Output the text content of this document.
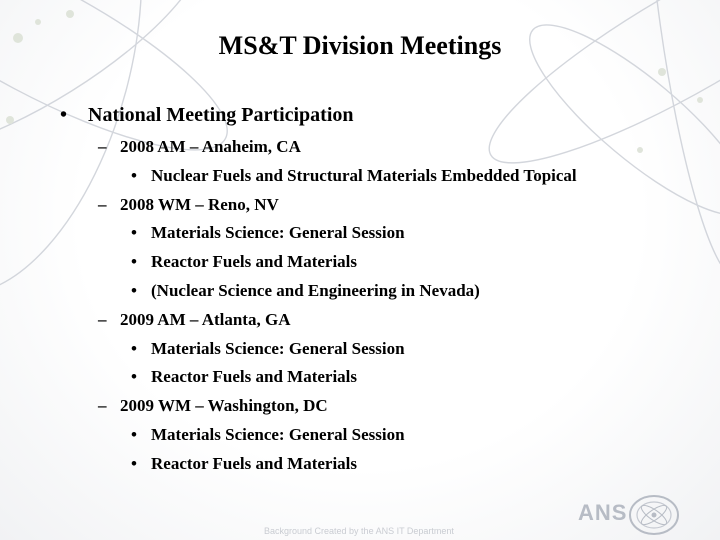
MS&T Division Meetings
• National Meeting Participation
– 2008 AM – Anaheim, CA
• Nuclear Fuels and Structural Materials Embedded Topical
– 2008 WM – Reno, NV
• Materials Science: General Session
• Reactor Fuels and Materials
• (Nuclear Science and Engineering in Nevada)
– 2009 AM – Atlanta, GA
• Materials Science: General Session
• Reactor Fuels and Materials
– 2009 WM – Washington, DC
• Materials Science: General Session
• Reactor Fuels and Materials
Background Created by the ANS IT Department
ANS
